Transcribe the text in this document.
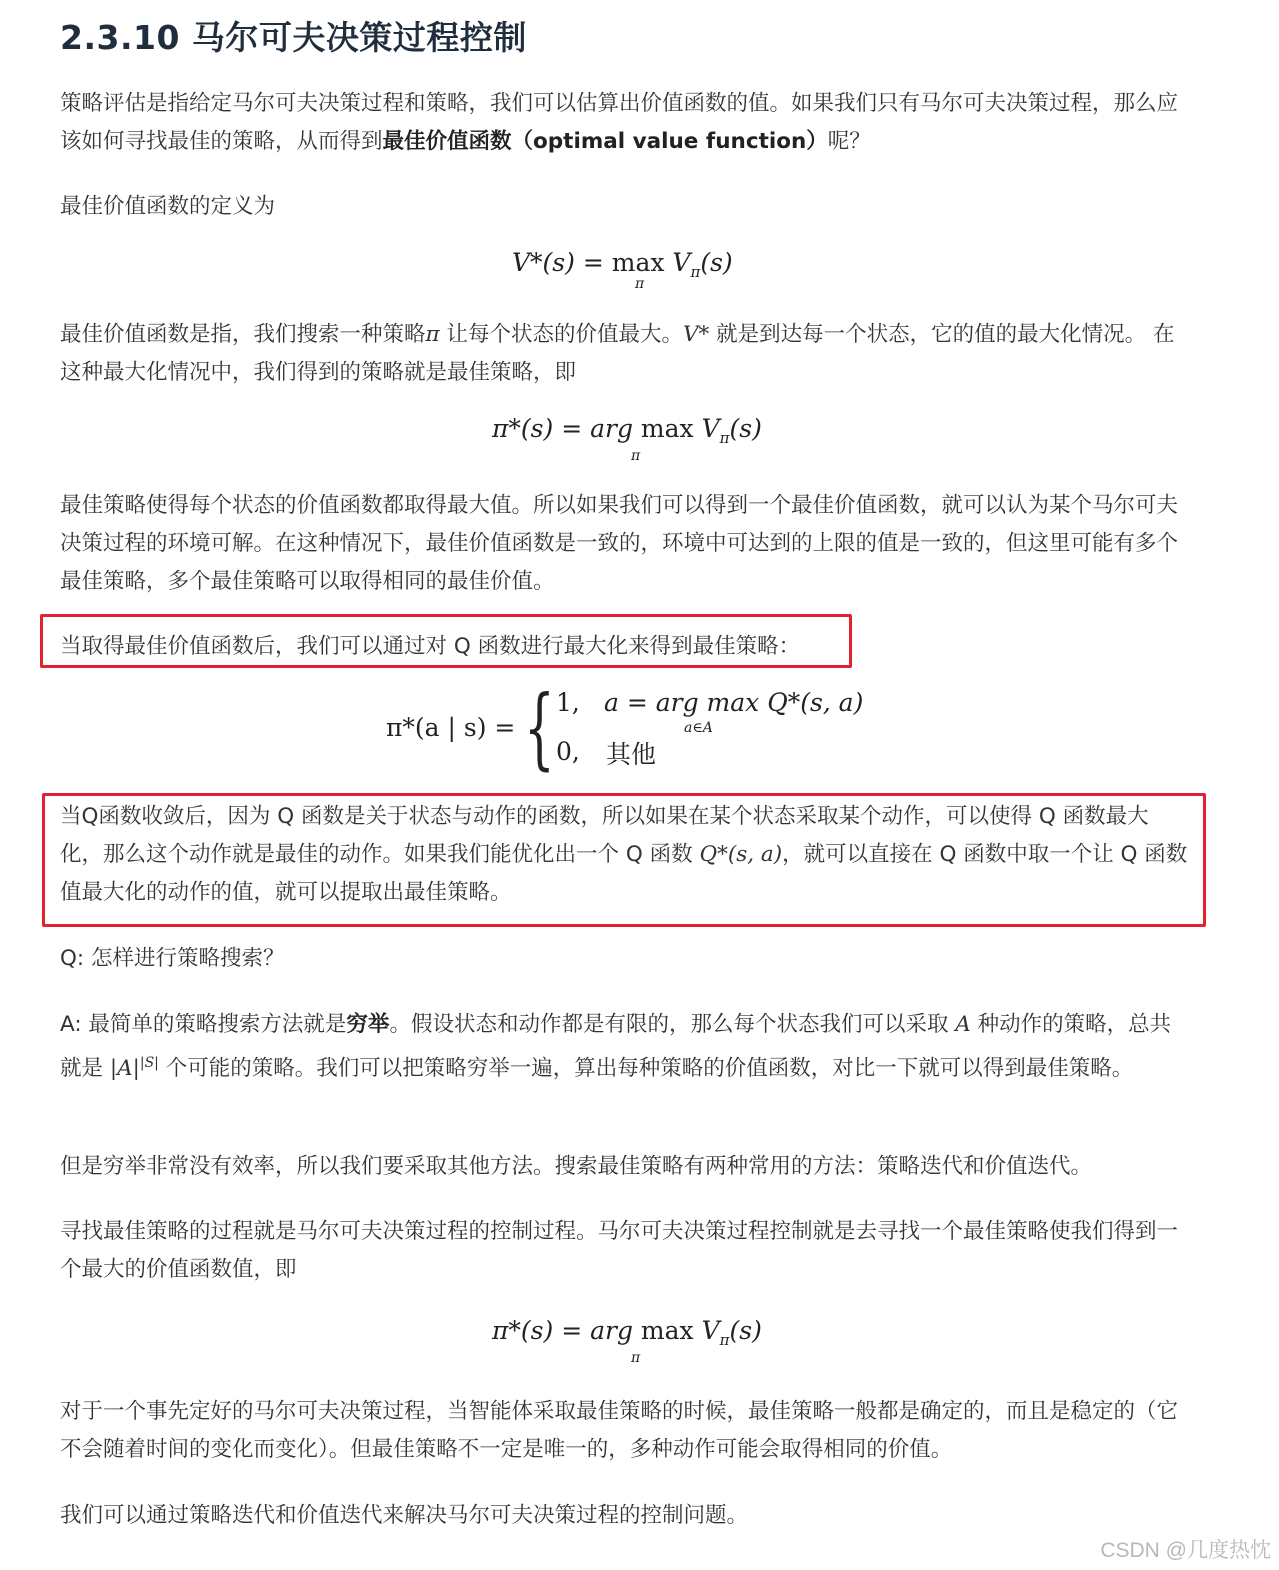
2.3.10 马尔可夫决策过程控制

策略评估是指给定马尔可夫决策过程和策略，我们可以估算出价值函数的值。如果我们只有马尔可夫决策过程，那么应该如何寻找最佳的策略，从而得到最佳价值函数（optimal value function）呢？

最佳价值函数的定义为

$V*(s) = \max V_\pi(s)$
π

最佳价值函数是指，我们搜索一种策略π 让每个状态的价值最大。V* 就是到达每一个状态，它的值的最大化情况。 在这种最大化情况中，我们得到的策略就是最佳策略，即

π*(s) = arg $\max V_\pi(s)$
π

最佳策略使得每个状态的价值函数都取得最大值。所以如果我们可以得到一个最佳价值函数，就可以认为某个马尔可夫决策过程的环境可解。在这种情况下，最佳价值函数是一致的，环境中可达到的上限的值是一致的，但这里可能有多个最佳策略，多个最佳策略可以取得相同的最佳价值。

当取得最佳价值函数后，我们可以通过对 Q 函数进行最大化来得到最佳策略：

π*(a | s) = { 1, a = arg max Q*(s, a)
a∈A
0, 其他

当Q函数收敛后，因为 Q 函数是关于状态与动作的函数，所以如果在某个状态采取某个动作，可以使得 Q 函数最大化，那么这个动作就是最佳的动作。如果我们能优化出一个 Q 函数 Q*(s, a)，就可以直接在 Q 函数中取一个让 Q 函数值最大化的动作的值，就可以提取出最佳策略。

Q: 怎样进行策略搜索？

A: 最简单的策略搜索方法就是穷举。假设状态和动作都是有限的，那么每个状态我们可以采取 A 种动作的策略，总共就是 $|A|^{|S|}$ 个可能的策略。我们可以把策略穷举一遍，算出每种策略的价值函数，对比一下就可以得到最佳策略。

但是穷举非常没有效率，所以我们要采取其他方法。搜索最佳策略有两种常用的方法：策略迭代和价值迭代。

寻找最佳策略的过程就是马尔可夫决策过程的控制过程。马尔可夫决策过程控制就是去寻找一个最佳策略使我们得到一个最大的价值函数值，即

π*(s) = arg $\max V_\pi(s)$
π

对于一个事先定好的马尔可夫决策过程，当智能体采取最佳策略的时候，最佳策略一般都是确定的，而且是稳定的（它不会随着时间的变化而变化）。但最佳策略不一定是唯一的，多种动作可能会取得相同的价值。

我们可以通过策略迭代和价值迭代来解决马尔可夫决策过程的控制问题。

CSDN @几度热忱
